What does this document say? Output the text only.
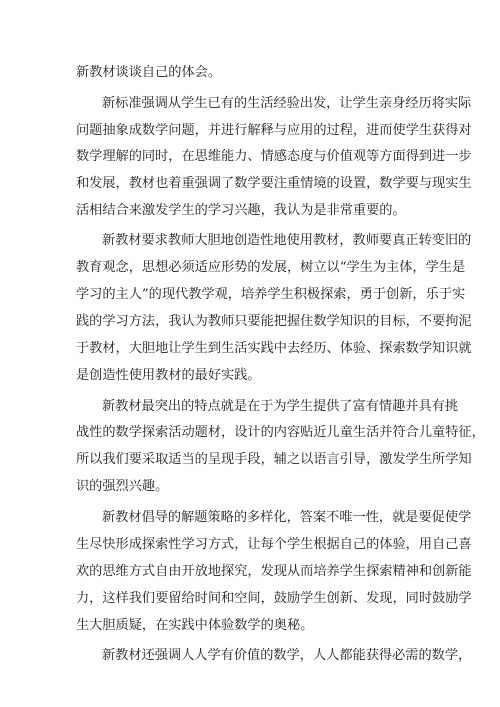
新教材谈谈自己的体会。
新标准强调从学生已有的生活经验出发，让学生亲身经历将实际
问题抽象成数学问题，并进行解释与应用的过程，进而使学生获得对
数学理解的同时，在思维能力、情感态度与价值观等方面得到进一步
和发展，教材也着重强调了数学要注重情境的设置，数学要与现实生
活相结合来激发学生的学习兴趣，我认为是非常重要的。
新教材要求教师大胆地创造性地使用教材，教师要真正转变旧的
教育观念，思想必须适应形势的发展，树立以“学生为主体，学生是
学习的主人”的现代教学观，培养学生积极探索，勇于创新，乐于实
践的学习方法，我认为教师只要能把握住数学知识的目标，不要拘泥
于教材，大胆地让学生到生活实践中去经历、体验、探索数学知识就
是创造性使用教材的最好实践。
新教材最突出的特点就是在于为学生提供了富有情趣并具有挑
战性的数学探索活动题材，设计的内容贴近儿童生活并符合儿童特征，
所以我们要采取适当的呈现手段，辅之以语言引导，激发学生所学知
识的强烈兴趣。
新教材倡导的解题策略的多样化，答案不唯一性，就是要促使学
生尽快形成探索性学习方式，让每个学生根据自己的体验，用自己喜
欢的思维方式自由开放地探究，发现从而培养学生探索精神和创新能
力，这样我们要留给时间和空间，鼓励学生创新、发现，同时鼓励学
生大胆质疑，在实践中体验数学的奥秘。
新教材还强调人人学有价值的数学，人人都能获得必需的数学，
